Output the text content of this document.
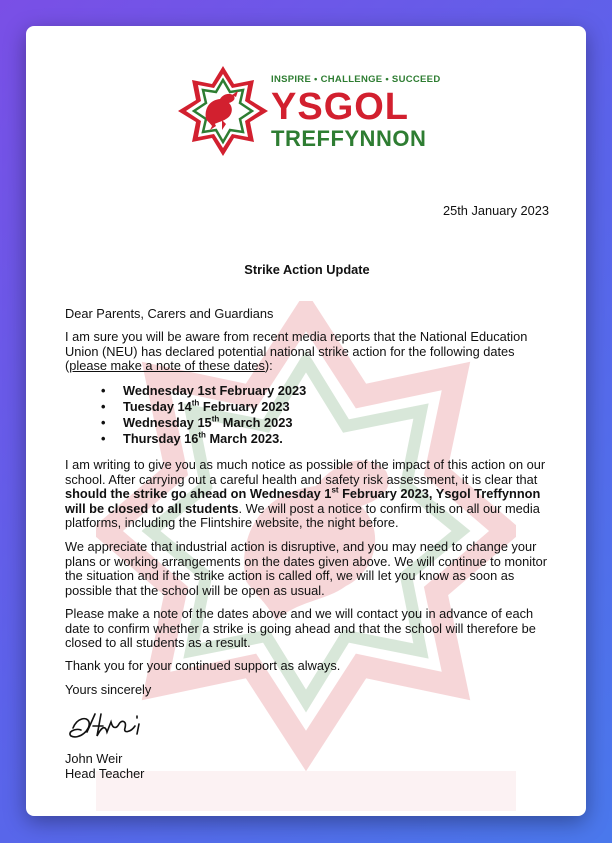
INSPIRE • CHALLENGE • SUCCEED
YSGOL
TREFFYNNON
25th January 2023
Strike Action Update
Dear Parents, Carers and Guardians
I am sure you will be aware from recent media reports that the National Education Union (NEU) has declared potential national strike action for the following dates (please make a note of these dates):
• Wednesday 1st February 2023
• Tuesday 14th February 2023
• Wednesday 15th March 2023
• Thursday 16th March 2023.
I am writing to give you as much notice as possible of the impact of this action on our school. After carrying out a careful health and safety risk assessment, it is clear that should the strike go ahead on Wednesday 1st February 2023, Ysgol Treffynnon will be closed to all students. We will post a notice to confirm this on all our media platforms, including the Flintshire website, the night before.
We appreciate that industrial action is disruptive, and you may need to change your plans or working arrangements on the dates given above. We will continue to monitor the situation and if the strike action is called off, we will let you know as soon as possible that the school will be open as usual.
Please make a note of the dates above and we will contact you in advance of each date to confirm whether a strike is going ahead and that the school will therefore be closed to all students as a result.
Thank you for your continued support as always.
Yours sincerely
John Weir
Head Teacher
